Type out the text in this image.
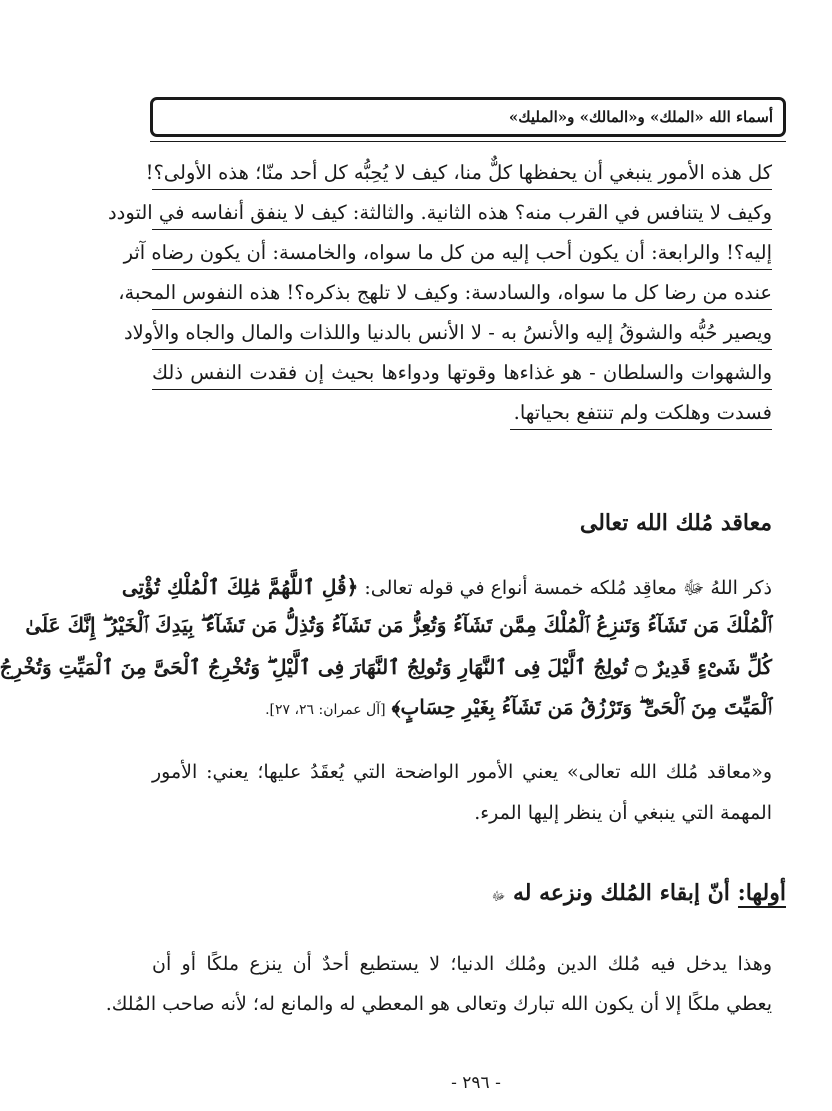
أسماء الله «الملك» و«المالك» و«المليك»
كل هذه الأمور ينبغي أن يحفظها كلٌّ منا، كيف لا يُحِبُّه كل أحد منّا؛ هذه الأولى؟!
وكيف لا يتنافس في القرب منه؟ هذه الثانية. والثالثة: كيف لا ينفق أنفاسه في التودد
إليه؟! والرابعة: أن يكون أحب إليه من كل ما سواه، والخامسة: أن يكون رضاه آثر
عنده من رضا كل ما سواه، والسادسة: وكيف لا تلهج بذكره؟! هذه النفوس المحبة،
ويصير حُبُّه والشوقُ إليه والأنسُ به - لا الأنس بالدنيا واللذات والمال والجاه والأولاد
والشهوات والسلطان - هو غذاءها وقوتها ودواءها بحيث إن فقدت النفس ذلك
فسدت وهلكت ولم تنتفع بحياتها.
معاقد مُلك الله تعالى
ذكر اللهُ ﷻ معاقِد مُلكه خمسة أنواع في قوله تعالى: ﴿قُلِ ٱللَّهُمَّ مَٰلِكَ ٱلْمُلْكِ تُؤْتِى
ٱلْمُلْكَ مَن تَشَآءُ وَتَنزِعُ ٱلْمُلْكَ مِمَّن تَشَآءُ وَتُعِزُّ مَن تَشَآءُ وَتُذِلُّ مَن تَشَآءُ ۖ بِيَدِكَ ٱلْخَيْرُ ۖ إِنَّكَ عَلَىٰ
كُلِّ شَىْءٍ قَدِيرٌ ۝ تُولِجُ ٱلَّيْلَ فِى ٱلنَّهَارِ وَتُولِجُ ٱلنَّهَارَ فِى ٱلَّيْلِ ۖ وَتُخْرِجُ ٱلْحَىَّ مِنَ ٱلْمَيِّتِ وَتُخْرِجُ
ٱلْمَيِّتَ مِنَ ٱلْحَىِّ ۖ وَتَرْزُقُ مَن تَشَآءُ بِغَيْرِ حِسَابٍ﴾ [آل عمران: ٢٦، ٢٧].
و«معاقد مُلك الله تعالى» يعني الأمور الواضحة التي يُعقَدُ عليها؛ يعني: الأمور
المهمة التي ينبغي أن ينظر إليها المرء.
أولها: أنّ إبقاء المُلك ونزعه له ﷻ
وهذا يدخل فيه مُلك الدين ومُلك الدنيا؛ لا يستطيع أحدٌ أن ينزع ملكًا أو أن
يعطي ملكًا إلا أن يكون الله تبارك وتعالى هو المعطي له والمانع له؛ لأنه صاحب المُلك.
- ٢٩٦ -
